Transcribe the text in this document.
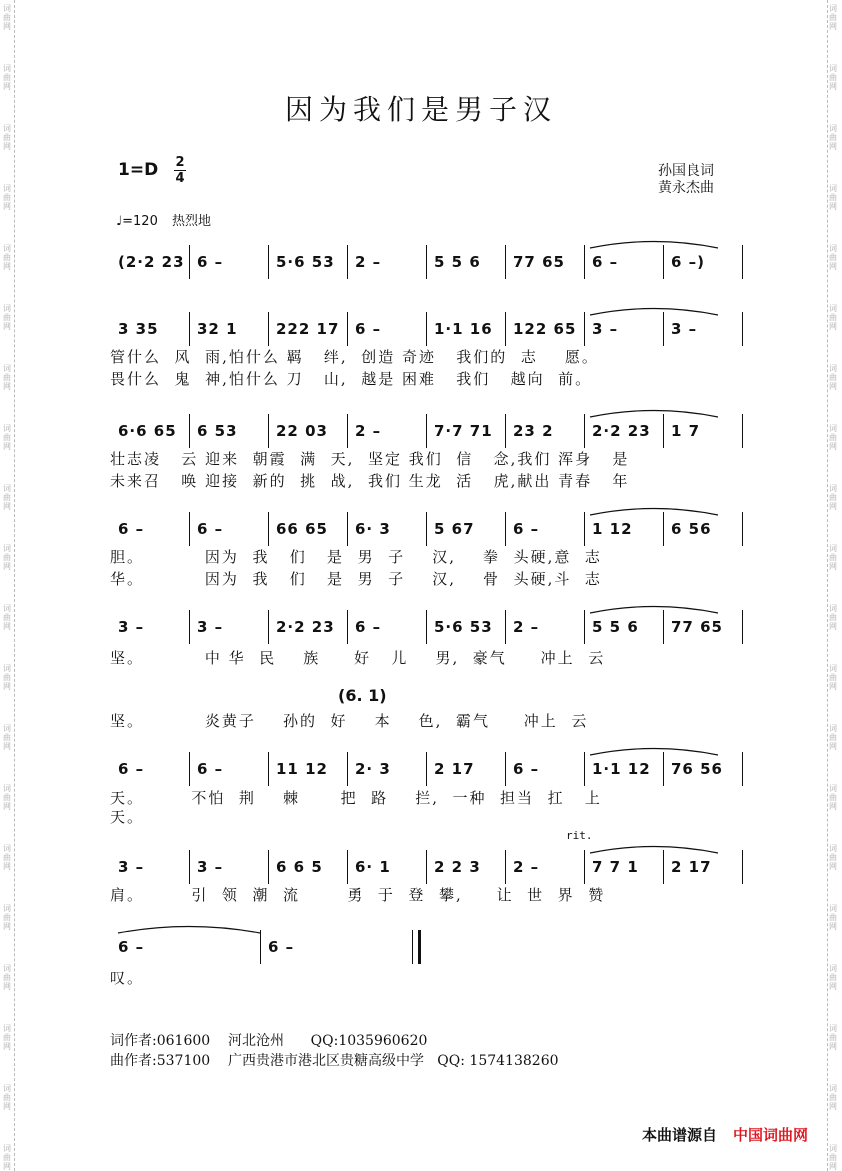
词
曲
网
词
曲
网
词
曲
网
词
曲
网
词
曲
网
词
曲
网
词
曲
网
词
曲
网
词
曲
网
词
曲
网
词
曲
网
词
曲
网
词
曲
网
词
曲
网
词
曲
网
词
曲
网
词
曲
网
词
曲
网
词
曲
网
词
曲
网
词
曲
网
词
曲
网
词
曲
网
词
曲
网
词
曲
网
词
曲
网
词
曲
网
词
曲
网
词
曲
网
词
曲
网
词
曲
网
词
曲
网
词
曲
网
词
曲
网
词
曲
网
词
曲
网
词
曲
网
词
曲
网
词
曲
网
词
曲
网
因为我们是男子汉
1=D 2
4	孙国良词
黄永杰曲
♩=120 热烈地
(2·2 23 6 –	5·6 53 2 –	5 5 6 77 65 6 –	6 –)
3 35	32 1	222 17 6 –	1·1 16 122 65 3 –	3 –
6·6 65 6 53	22 03 2 –	7·7 71 23 2	2·2 23 1 7
6 –	6 –	66 65 6· 3	5 67	6 –	1 12	6 56
3 –	3 –	2·2 23 6 –	5·6 53 2 –	5 5 6 77 65
6 –	6 –	11 12 2· 3	2 17	6 –	1·1 12 76 56
3 –	3 –	6 6 5 6· 1	2 2 3 2 –	7 7 1 2 17
6 –	6 –
管什么  风  雨,怕什么 羁   绊,  创造 奇迹   我们的  志    愿。
畏什么  鬼  神,怕什么 刀   山,  越是 困难   我们   越向  前。
壮志凌   云 迎来  朝霞  满  天,  坚定 我们  信   念,我们 浑身   是
未来召   唤 迎接  新的  挑  战,  我们 生龙  活   虎,献出 青春   年
胆。         因为  我   们   是  男  子    汉,    拳  头硬,意  志
华。         因为  我   们   是  男  子    汉,    骨  头硬,斗  志
坚。         中 华  民    族     好   儿    男,  豪气     冲上  云
(6. 1)
坚。         炎黄子    孙的  好    本    色,  霸气     冲上  云
天。       不怕  荆    棘      把  路    拦,  一种  担当  扛   上
天。
rit.
肩。       引  领  潮  流       勇  于  登  攀,     让  世  界  赞
叹。
词作者:061600    河北沧州      QQ:1035960620
曲作者:537100    广西贵港市港北区贵糖高级中学   QQ: 1574138260
本曲谱源自 中国词曲网
